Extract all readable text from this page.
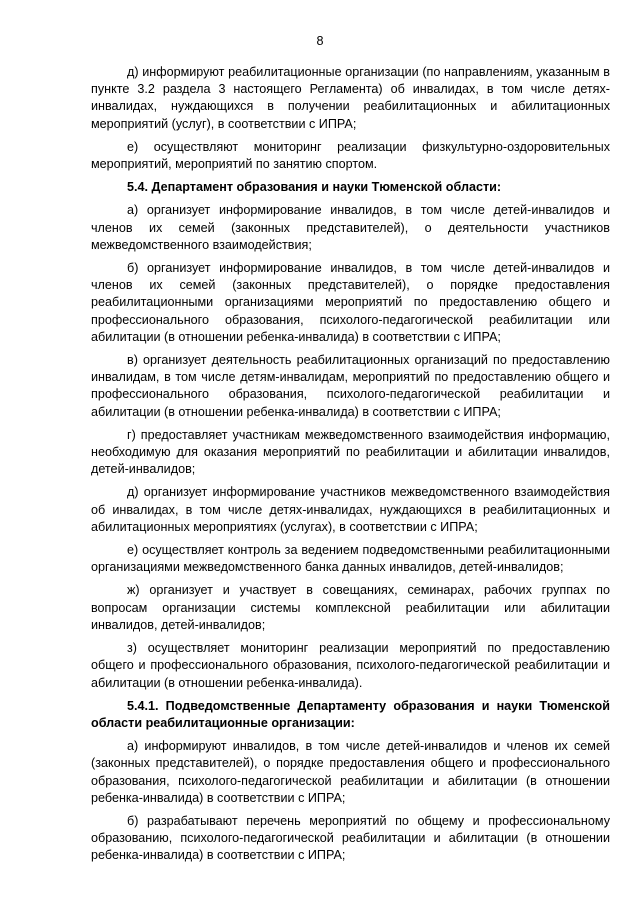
8

д) информируют реабилитационные организации (по направлениям, указанным в пункте 3.2 раздела 3 настоящего Регламента) об инвалидах, в том числе детях-инвалидах, нуждающихся в получении реабилитационных и абилитационных мероприятий (услуг), в соответствии с ИПРА;

е) осуществляют мониторинг реализации физкультурно-оздоровительных мероприятий, мероприятий по занятию спортом.

5.4. Департамент образования и науки Тюменской области:

а) организует информирование инвалидов, в том числе детей-инвалидов и членов их семей (законных представителей), о деятельности участников межведомственного взаимодействия;

б) организует информирование инвалидов, в том числе детей-инвалидов и членов их семей (законных представителей), о порядке предоставления реабилитационными организациями мероприятий по предоставлению общего и профессионального образования, психолого-педагогической реабилитации или абилитации (в отношении ребенка-инвалида) в соответствии с ИПРА;

в) организует деятельность реабилитационных организаций по предоставлению инвалидам, в том числе детям-инвалидам, мероприятий по предоставлению общего и профессионального образования, психолого-педагогической реабилитации и абилитации (в отношении ребенка-инвалида) в соответствии с ИПРА;

г) предоставляет участникам межведомственного взаимодействия информацию, необходимую для оказания мероприятий по реабилитации и абилитации инвалидов, детей-инвалидов;

д) организует информирование участников межведомственного взаимодействия об инвалидах, в том числе детях-инвалидах, нуждающихся в реабилитационных и абилитационных мероприятиях (услугах), в соответствии с ИПРА;

е) осуществляет контроль за ведением подведомственными реабилитационными организациями межведомственного банка данных инвалидов, детей-инвалидов;

ж) организует и участвует в совещаниях, семинарах, рабочих группах по вопросам организации системы комплексной реабилитации или абилитации инвалидов, детей-инвалидов;

з) осуществляет мониторинг реализации мероприятий по предоставлению общего и профессионального образования, психолого-педагогической реабилитации и абилитации (в отношении ребенка-инвалида).

5.4.1. Подведомственные Департаменту образования и науки Тюменской области реабилитационные организации:

а) информируют инвалидов, в том числе детей-инвалидов и членов их семей (законных представителей), о порядке предоставления общего и профессионального образования, психолого-педагогической реабилитации и абилитации (в отношении ребенка-инвалида) в соответствии с ИПРА;

б) разрабатывают перечень мероприятий по общему и профессиональному образованию, психолого-педагогической реабилитации и абилитации (в отношении ребенка-инвалида) в соответствии с ИПРА;
